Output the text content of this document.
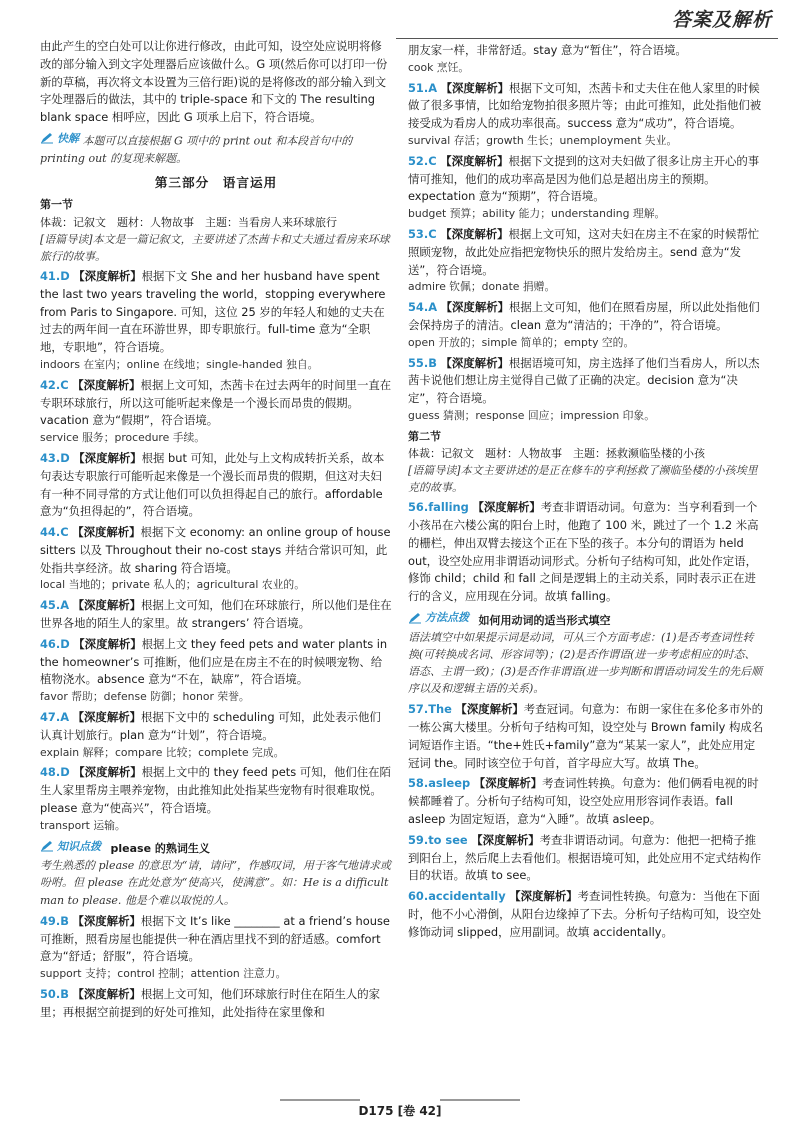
答案及解析

由此产生的空白处可以让你进行修改，由此可知，设空处应说明将修改的部分输入到文字处理器后应该做什么。G 项(然后你可以打印一份新的草稿，再次将文本设置为三倍行距)说的是将修改的部分输入到文字处理器后的做法，其中的 triple-space 和下文的 The resulting blank space 相呼应，因此 G 项承上启下，符合语境。

快解 本题可以直接根据 G 项中的 print out 和本段首句中的 printing out 的复现来解题。
第三部分　语言运用
第一节
体裁：记叙文　题材：人物故事　主题：当看房人来环球旅行
[语篇导读]本文是一篇记叙文，主要讲述了杰茜卡和丈夫通过看房来环球旅行的故事。

41.D 【深度解析】根据下文 She and her husband have spent the last two years traveling the world，stopping everywhere from Paris to Singapore. 可知，这位 25 岁的年轻人和她的丈夫在过去的两年间一直在环游世界，即专职旅行。full-time 意为“全职地，专职地”，符合语境。

indoors 在室内；online 在线地；single-handed 独自。

42.C 【深度解析】根据上文可知，杰茜卡在过去两年的时间里一直在专职环球旅行，所以这可能听起来像是一个漫长而昂贵的假期。vacation 意为“假期”，符合语境。

service 服务；procedure 手续。

43.D 【深度解析】根据 but 可知，此处与上文构成转折关系，故本句表达专职旅行可能听起来像是一个漫长而昂贵的假期，但这对夫妇有一种不同寻常的方式让他们可以负担得起自己的旅行。affordable 意为“负担得起的”，符合语境。

44.C 【深度解析】根据下文 economy: an online group of house sitters 以及 Throughout their no-cost stays 并结合常识可知，此处指共享经济。故 sharing 符合语境。

local 当地的；private 私人的；agricultural 农业的。

45.A 【深度解析】根据上文可知，他们在环球旅行，所以他们是住在世界各地的陌生人的家里。故 strangers’ 符合语境。

46.D 【深度解析】根据上文 they feed pets and water plants in the homeowner’s 可推断，他们应是在房主不在的时候喂宠物、给植物浇水。absence 意为“不在，缺席”，符合语境。

favor 帮助；defense 防御；honor 荣誉。

47.A 【深度解析】根据下文中的 scheduling 可知，此处表示他们认真计划旅行。plan 意为“计划”，符合语境。

explain 解释；compare 比较；complete 完成。

48.D 【深度解析】根据上文中的 they feed pets 可知，他们住在陌生人家里帮房主喂养宠物，由此推知此处指某些宠物有时很难取悦。please 意为“使高兴”，符合语境。

transport 运输。

知识点拨 please 的熟词生义
考生熟悉的 please 的意思为“请，请问”，作感叹词，用于客气地请求或吩咐。但 please 在此处意为“使高兴，使满意”。如：He is a difficult man to please. 他是个难以取悦的人。

49.B 【深度解析】根据下文 It’s like ________ at a friend’s house 可推断，照看房屋也能提供一种在酒店里找不到的舒适感。comfort 意为“舒适；舒服”，符合语境。

support 支持；control 控制；attention 注意力。

50.B 【深度解析】根据上文可知，他们环球旅行时住在陌生人的家里；再根据空前提到的好处可推知，此处指待在家里像和

朋友家一样，非常舒适。stay 意为“暂住”，符合语境。

cook 烹饪。

51.A 【深度解析】根据下文可知，杰茜卡和丈夫住在他人家里的时候做了很多事情，比如给宠物拍很多照片等；由此可推知，此处指他们被接受成为看房人的成功率很高。success 意为“成功”，符合语境。

survival 存活；growth 生长；unemployment 失业。

52.C 【深度解析】根据下文提到的这对夫妇做了很多让房主开心的事情可推知，他们的成功率高是因为他们总是超出房主的预期。expectation 意为“预期”，符合语境。

budget 预算；ability 能力；understanding 理解。

53.C 【深度解析】根据上文可知，这对夫妇在房主不在家的时候帮忙照顾宠物，故此处应指把宠物快乐的照片发给房主。send 意为“发送”，符合语境。

admire 钦佩；donate 捐赠。

54.A 【深度解析】根据上文可知，他们在照看房屋，所以此处指他们会保持房子的清洁。clean 意为“清洁的；干净的”，符合语境。

open 开放的；simple 简单的；empty 空的。

55.B 【深度解析】根据语境可知，房主选择了他们当看房人，所以杰茜卡说他们想让房主觉得自己做了正确的决定。decision 意为“决定”，符合语境。

guess 猜测；response 回应；impression 印象。

第二节
体裁：记叙文　题材：人物故事　主题：拯救濒临坠楼的小孩
[语篇导读]本文主要讲述的是正在修车的亨利拯救了濒临坠楼的小孩埃里克的故事。

56.falling 【深度解析】考查非谓语动词。句意为：当亨利看到一个小孩吊在六楼公寓的阳台上时，他跑了 100 米，跳过了一个 1.2 米高的栅栏，伸出双臂去接这个正在下坠的孩子。本分句的谓语为 held out，设空处应用非谓语动词形式。分析句子结构可知，此处作定语，修饰 child；child 和 fall 之间是逻辑上的主动关系，同时表示正在进行的含义，应用现在分词。故填 falling。

方法点拨 如何用动词的适当形式填空
语法填空中如果提示词是动词，可从三个方面考虑：(1)是否考查词性转换(可转换成名词、形容词等)；(2)是否作谓语(进一步考虑相应的时态、语态、主谓一致)；(3)是否作非谓语(进一步判断和谓语动词发生的先后顺序以及和逻辑主语的关系)。

57.The 【深度解析】考查冠词。句意为：布朗一家住在多伦多市外的一栋公寓大楼里。分析句子结构可知，设空处与 Brown family 构成名词短语作主语。“the+姓氏+family”意为“某某一家人”，此处应用定冠词 the。同时该空位于句首，首字母应大写。故填 The。

58.asleep 【深度解析】考查词性转换。句意为：他们俩看电视的时候都睡着了。分析句子结构可知，设空处应用形容词作表语。fall asleep 为固定短语，意为“入睡”。故填 asleep。

59.to see 【深度解析】考查非谓语动词。句意为：他把一把椅子推到阳台上，然后爬上去看他们。根据语境可知，此处应用不定式结构作目的状语。故填 to see。

60.accidentally 【深度解析】考查词性转换。句意为：当他在下面时，他不小心滑倒，从阳台边缘掉了下去。分析句子结构可知，设空处修饰动词 slipped，应用副词。故填 accidentally。

D175 [卷 42]
